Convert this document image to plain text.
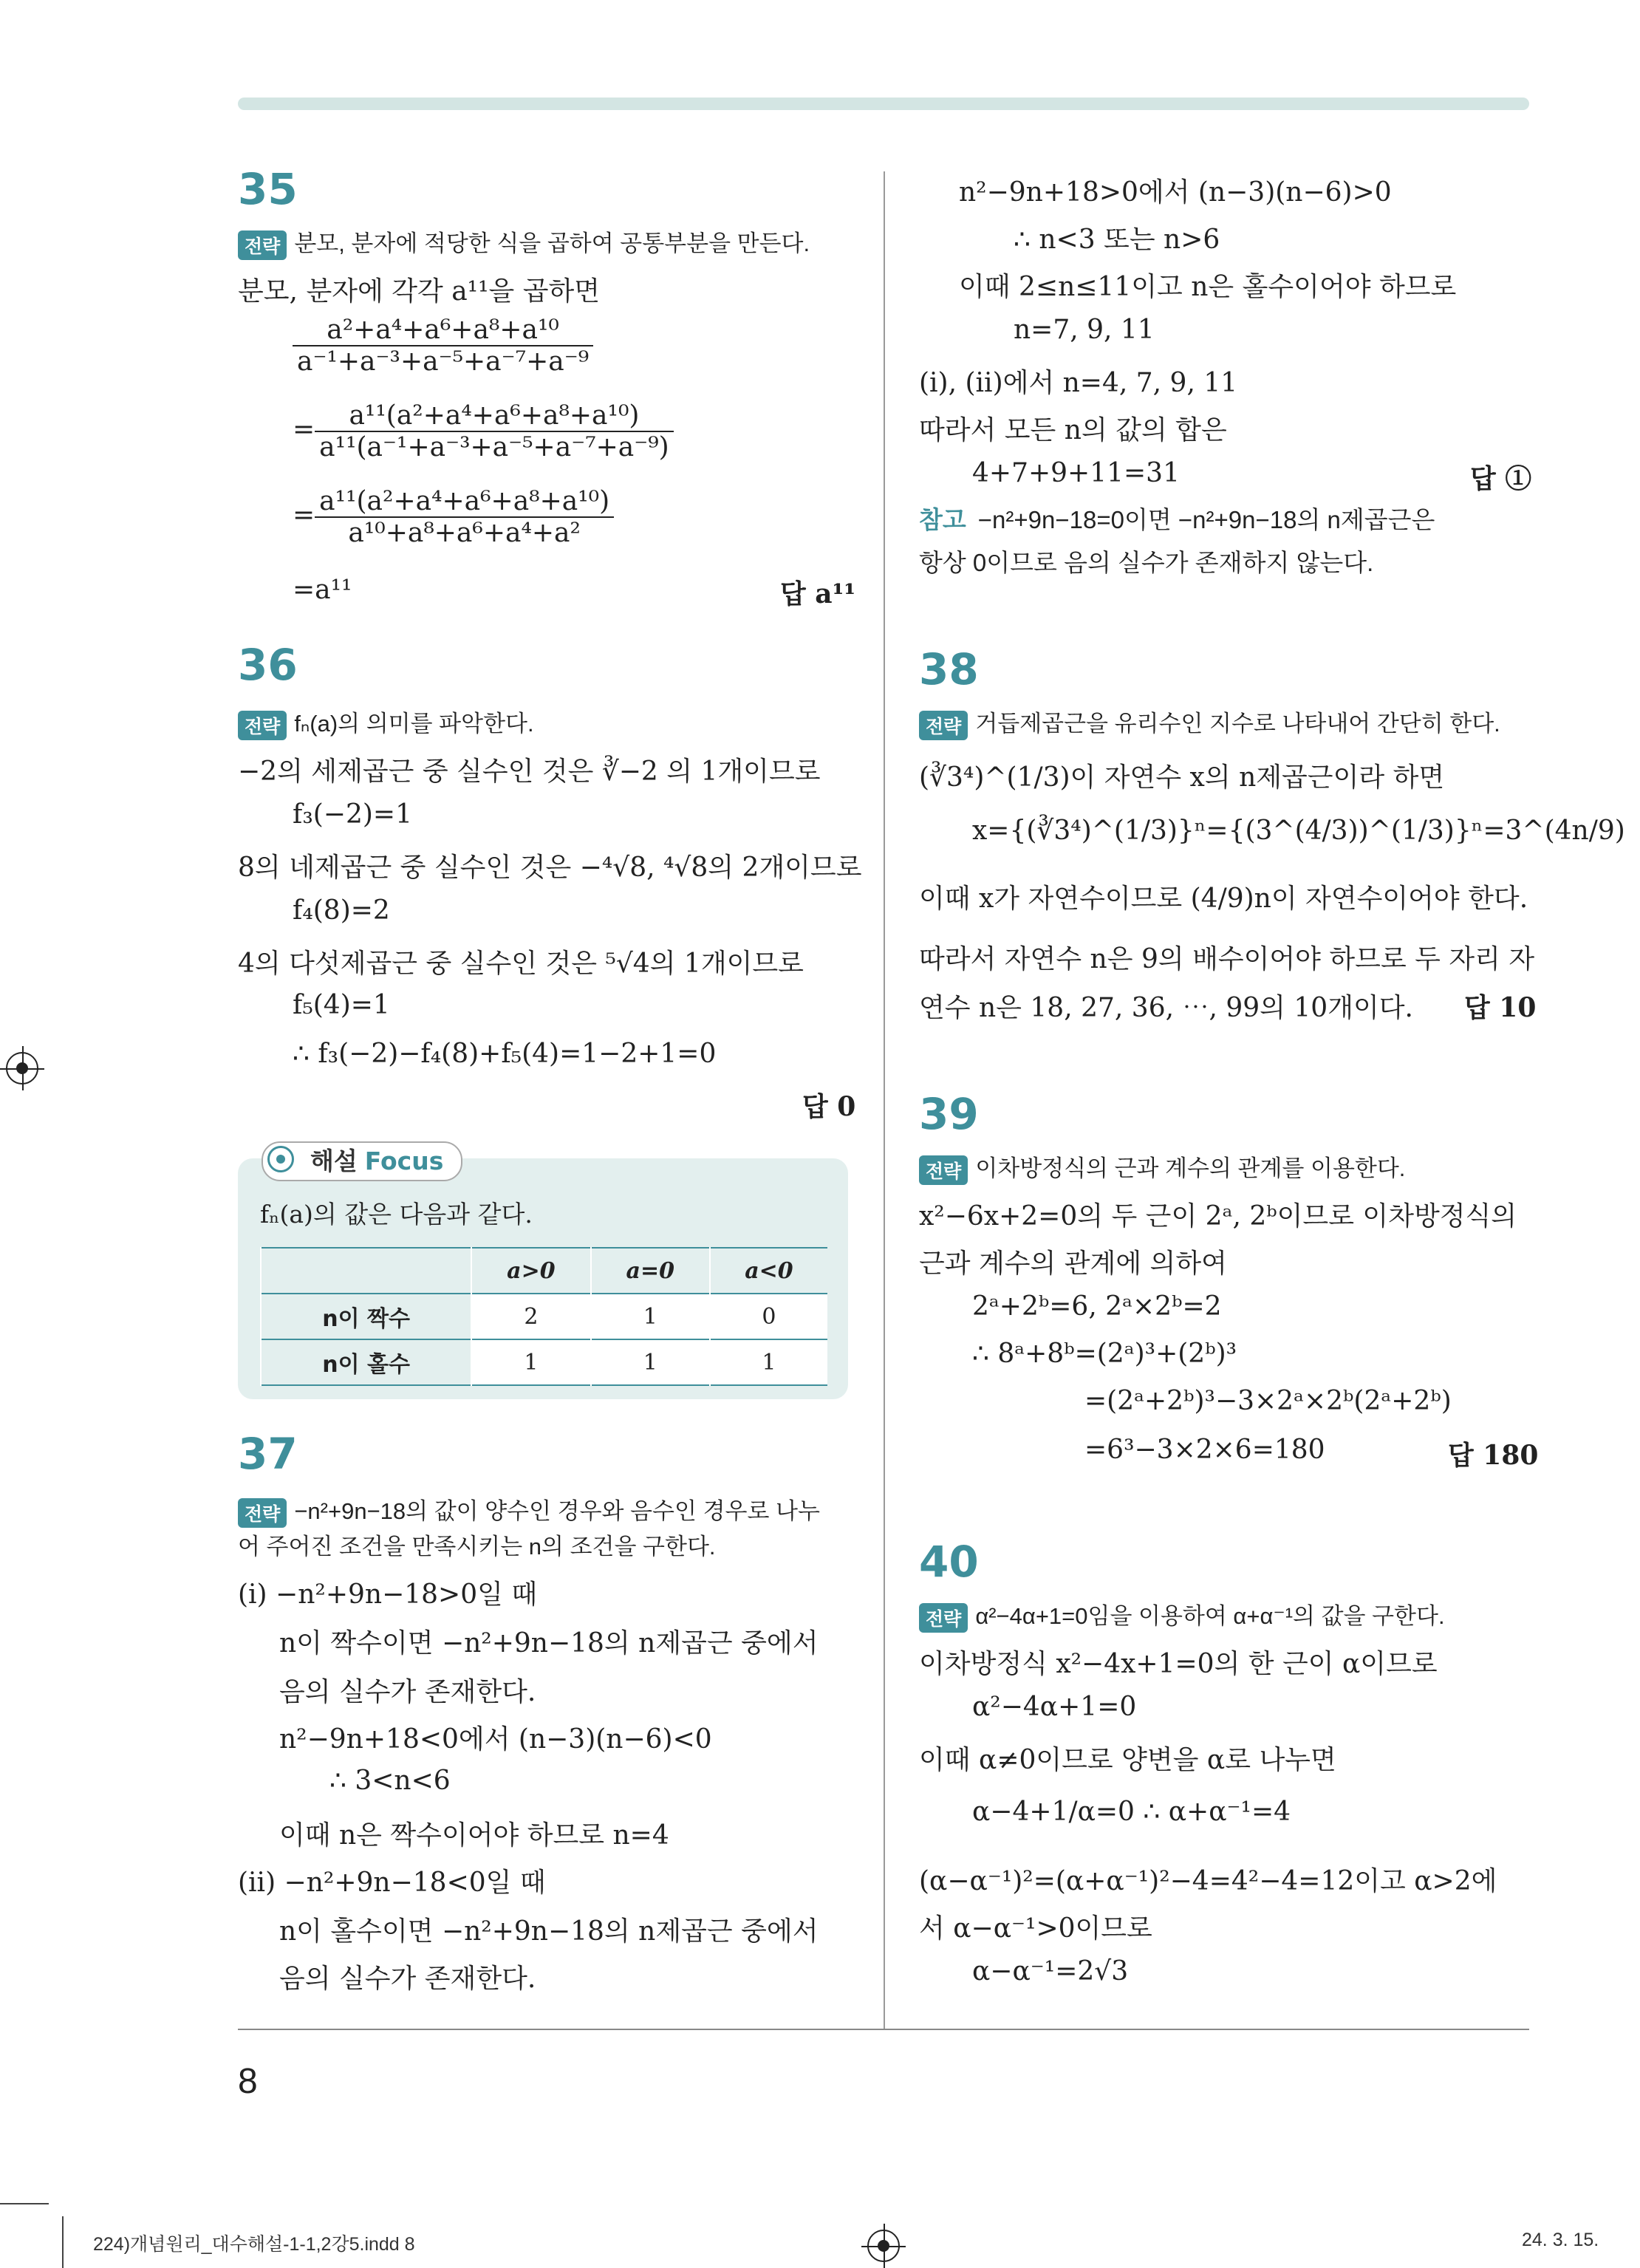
35
전략 분모, 분자에 적당한 식을 곱하여 공통부분을 만든다.
분모, 분자에 각각 a¹¹을 곱하면
$\frac{\text{a²+a⁴+a⁶+a⁸+a¹⁰}}{\text{a⁻¹+a⁻³+a⁻⁵+a⁻⁷+a⁻⁹}}$
= $\frac{\text{a¹¹(a²+a⁴+a⁶+a⁸+a¹⁰)}}{\text{a¹¹(a⁻¹+a⁻³+a⁻⁵+a⁻⁷+a⁻⁹)}}$
= $\frac{\text{a¹¹(a²+a⁴+a⁶+a⁸+a¹⁰)}}{\text{a¹⁰+a⁸+a⁶+a⁴+a²}}$
=a¹¹	답 a¹¹
36
전략 fₙ(a)의 의미를 파악한다.
−2의 세제곱근 중 실수인 것은 ∛−2 의 1개이므로
f₃(−2)=1
8의 네제곱근 중 실수인 것은 −⁴√8, ⁴√8의 2개이므로
f₄(8)=2
4의 다섯제곱근 중 실수인 것은 ⁵√4의 1개이므로
f₅(4)=1
∴ f₃(−2)−f₄(8)+f₅(4)=1−2+1=0
답 0
해설 Focus
fₙ(a)의 값은 다음과 같다.
	a>0	a=0	a<0
n이 짝수	2	1	0
n이 홀수	1	1	1
37
전략 −n²+9n−18의 값이 양수인 경우와 음수인 경우로 나누
어 주어진 조건을 만족시키는 n의 조건을 구한다.
(i) −n²+9n−18>0일 때
n이 짝수이면 −n²+9n−18의 n제곱근 중에서
음의 실수가 존재한다.
n²−9n+18<0에서 (n−3)(n−6)<0
∴ 3<n<6
이때 n은 짝수이어야 하므로 n=4
(ii) −n²+9n−18<0일 때
n이 홀수이면 −n²+9n−18의 n제곱근 중에서
음의 실수가 존재한다.
n²−9n+18>0에서 (n−3)(n−6)>0
∴ n<3 또는 n>6
이때 2≤n≤11이고 n은 홀수이어야 하므로
n=7, 9, 11
(i), (ii)에서 n=4, 7, 9, 11
따라서 모든 n의 값의 합은
4+7+9+11=31	답 ①
참고 −n²+9n−18=0이면 −n²+9n−18의 n제곱근은
항상 0이므로 음의 실수가 존재하지 않는다.
38
전략 거듭제곱근을 유리수인 지수로 나타내어 간단히 한다.
(∛3⁴)^(1/3)이 자연수 x의 n제곱근이라 하면
x={(∛3⁴)^(1/3)}ⁿ={(3^(4/3))^(1/3)}ⁿ=3^(4n/9)
이때 x가 자연수이므로 (4/9)n이 자연수이어야 한다.
따라서 자연수 n은 9의 배수이어야 하므로 두 자리 자
연수 n은 18, 27, 36, ⋯, 99의 10개이다. 답 10
39
전략 이차방정식의 근과 계수의 관계를 이용한다.
x²−6x+2=0의 두 근이 2ᵃ, 2ᵇ이므로 이차방정식의
근과 계수의 관계에 의하여
2ᵃ+2ᵇ=6, 2ᵃ×2ᵇ=2
∴ 8ᵃ+8ᵇ=(2ᵃ)³+(2ᵇ)³
=(2ᵃ+2ᵇ)³−3×2ᵃ×2ᵇ(2ᵃ+2ᵇ)
=6³−3×2×6=180	답 180
40
전략 α²−4α+1=0임을 이용하여 α+α⁻¹의 값을 구한다.
이차방정식 x²−4x+1=0의 한 근이 α이므로
α²−4α+1=0
이때 α≠0이므로 양변을 α로 나누면
α−4+1/α=0 ∴ α+α⁻¹=4
(α−α⁻¹)²=(α+α⁻¹)²−4=4²−4=12이고 α>2에
서 α−α⁻¹>0이므로
α−α⁻¹=2√3
8
224)개념원리_대수해설-1-1,2강5.indd 8	24. 3. 15.
